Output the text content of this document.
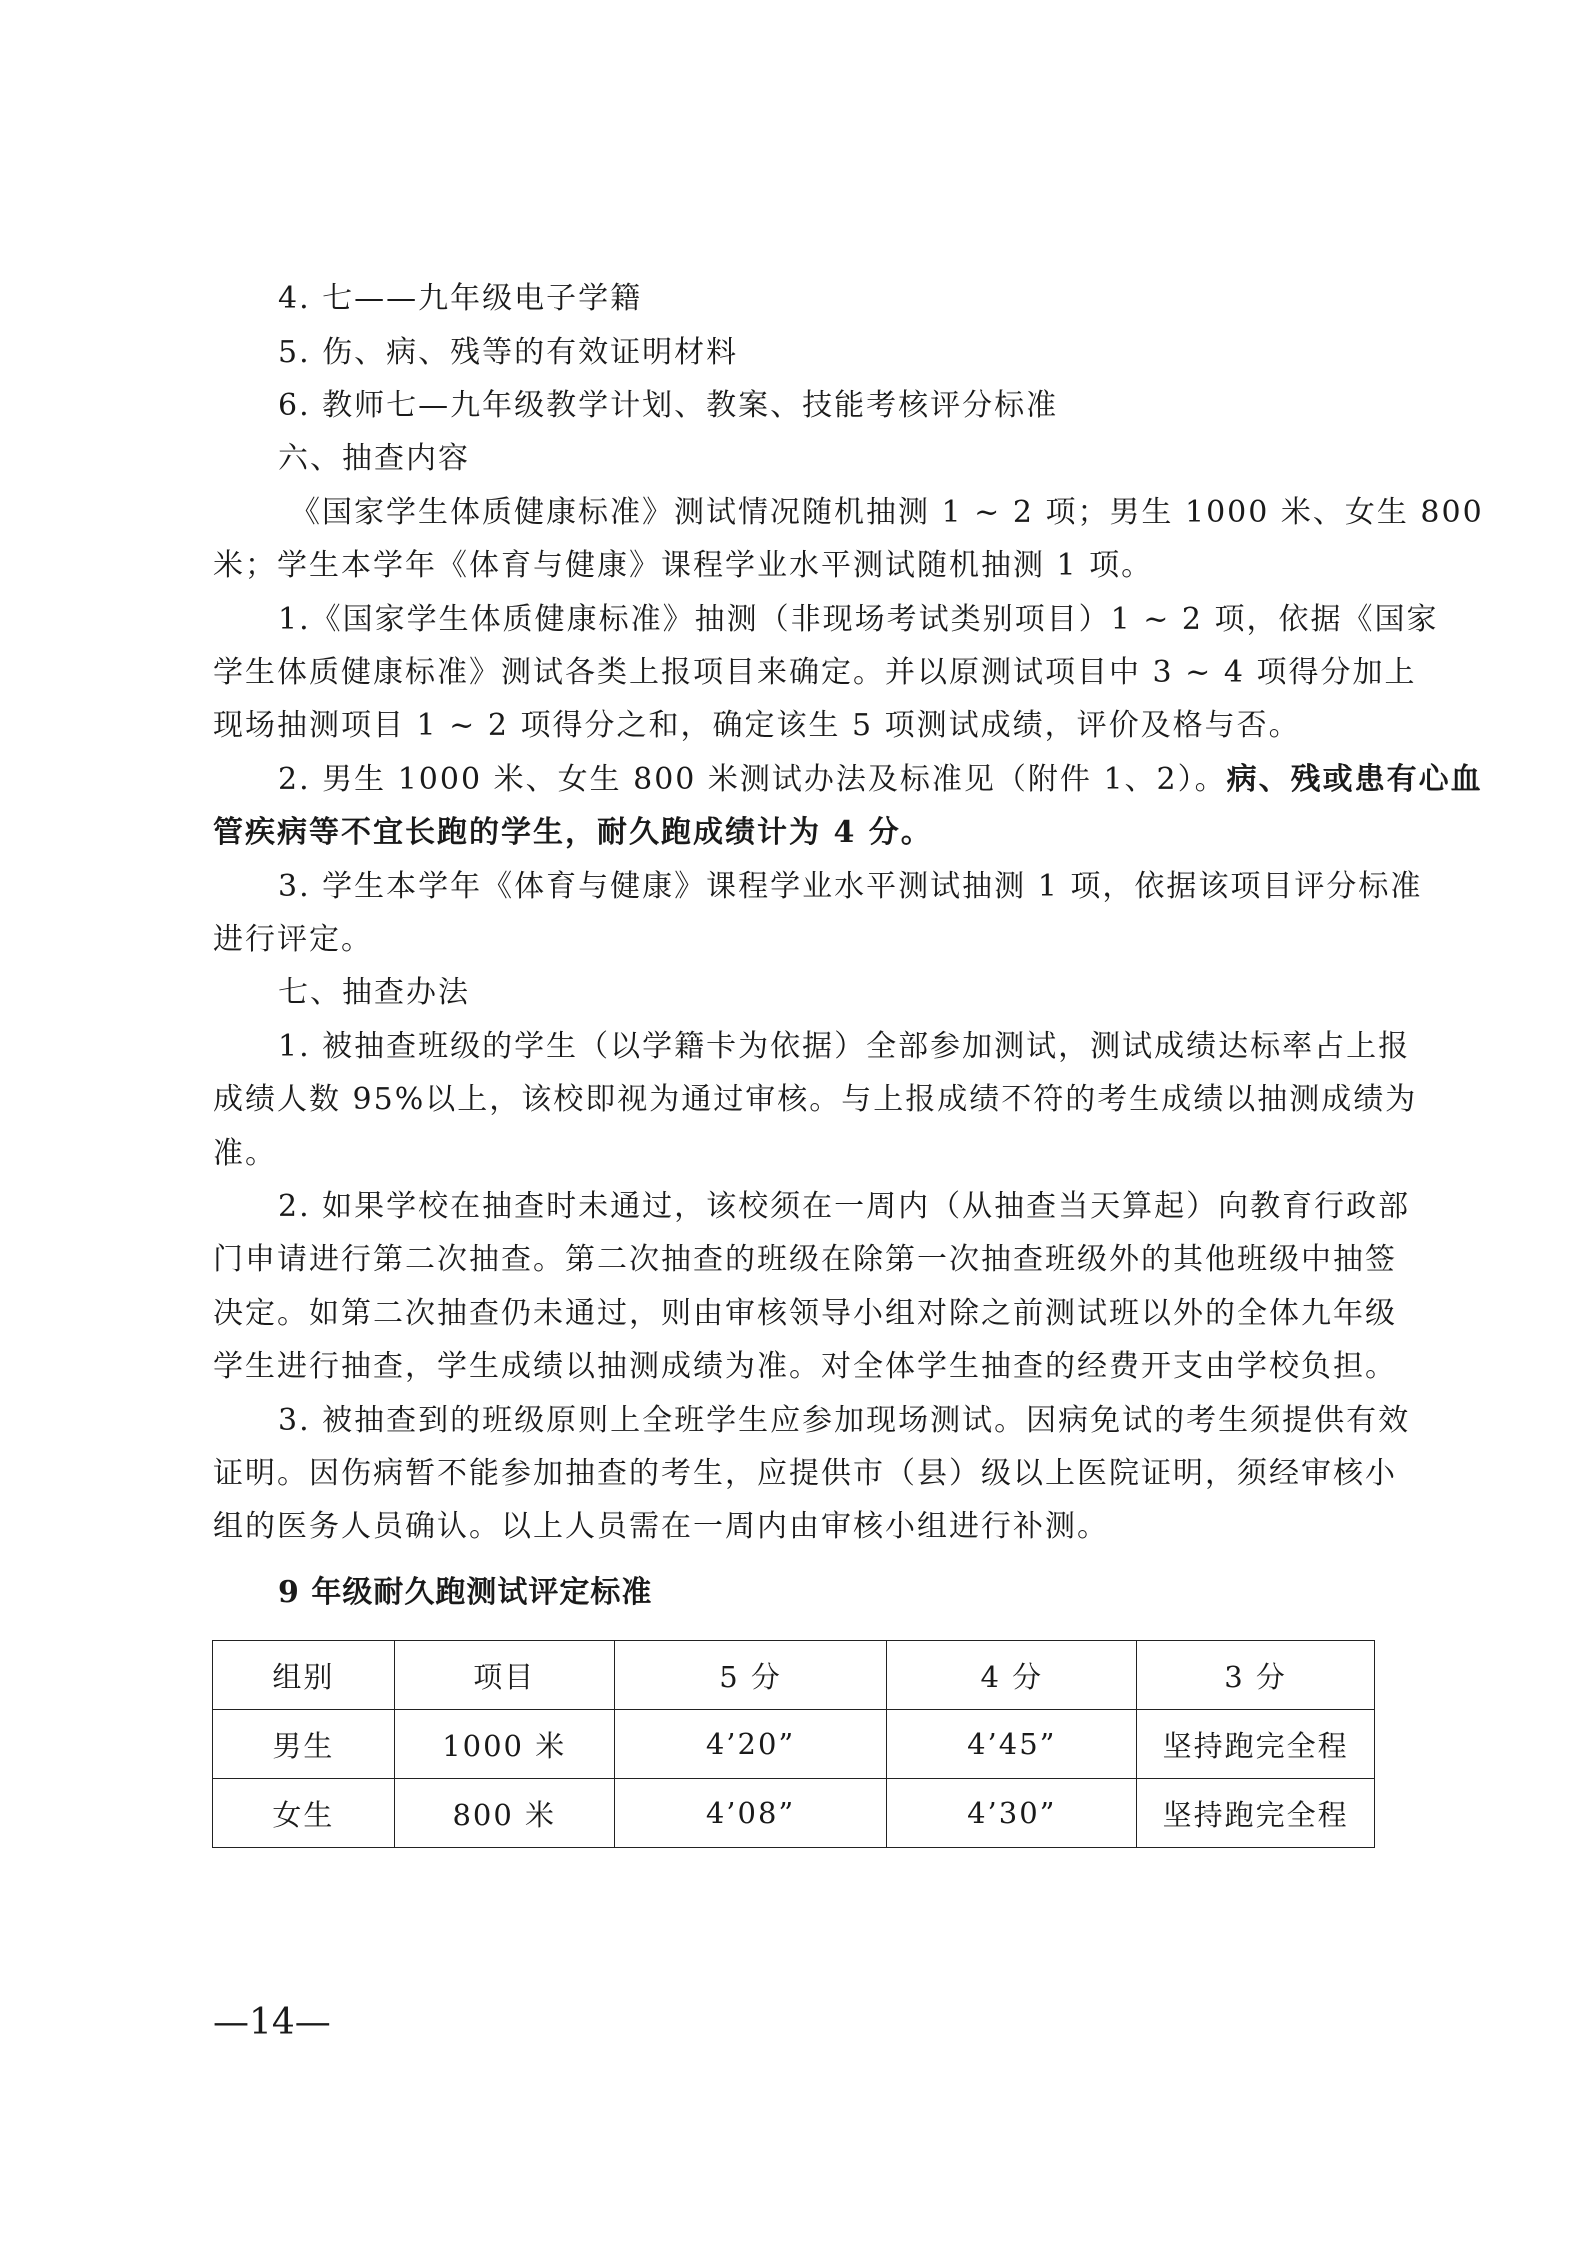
4. 七——九年级电子学籍
5. 伤、病、残等的有效证明材料
6. 教师七—九年级教学计划、教案、技能考核评分标准
六、抽查内容
《国家学生体质健康标准》测试情况随机抽测 1 ~ 2 项；男生 1000 米、女生 800
米；学生本学年《体育与健康》课程学业水平测试随机抽测 1 项。
1.《国家学生体质健康标准》抽测（非现场考试类别项目）1 ~ 2 项，依据《国家
学生体质健康标准》测试各类上报项目来确定。并以原测试项目中 3 ~ 4 项得分加上
现场抽测项目 1 ~ 2 项得分之和，确定该生 5 项测试成绩，评价及格与否。
2. 男生 1000 米、女生 800 米测试办法及标准见（附件 1、2）。病、残或患有心血
管疾病等不宜长跑的学生，耐久跑成绩计为 4 分。
3. 学生本学年《体育与健康》课程学业水平测试抽测 1 项，依据该项目评分标准
进行评定。
七、抽查办法
1. 被抽查班级的学生（以学籍卡为依据）全部参加测试，测试成绩达标率占上报
成绩人数 95%以上，该校即视为通过审核。与上报成绩不符的考生成绩以抽测成绩为
准。
2. 如果学校在抽查时未通过，该校须在一周内（从抽查当天算起）向教育行政部
门申请进行第二次抽查。第二次抽查的班级在除第一次抽查班级外的其他班级中抽签
决定。如第二次抽查仍未通过，则由审核领导小组对除之前测试班以外的全体九年级
学生进行抽查，学生成绩以抽测成绩为准。对全体学生抽查的经费开支由学校负担。
3. 被抽查到的班级原则上全班学生应参加现场测试。因病免试的考生须提供有效
证明。因伤病暂不能参加抽查的考生，应提供市（县）级以上医院证明，须经审核小
组的医务人员确认。以上人员需在一周内由审核小组进行补测。
9 年级耐久跑测试评定标准
组别	项目	5 分	4 分	3 分
男生	1000 米	4’20”	4’45”	坚持跑完全程
女生	800 米	4’08”	4’30”	坚持跑完全程
—14—
